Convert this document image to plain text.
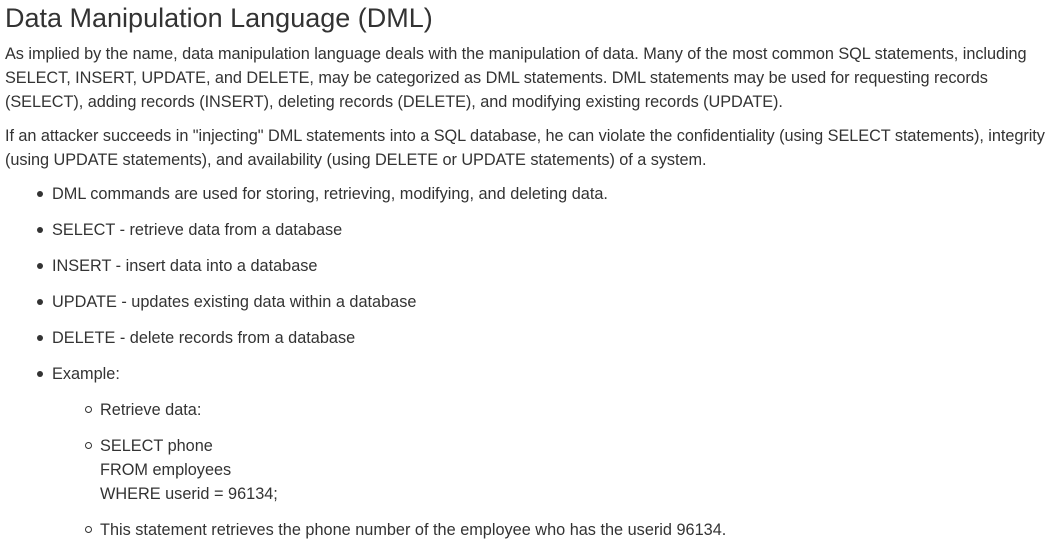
Data Manipulation Language (DML)

As implied by the name, data manipulation language deals with the manipulation of data. Many of the most common SQL statements, including SELECT, INSERT, UPDATE, and DELETE, may be categorized as DML statements. DML statements may be used for requesting records (SELECT), adding records (INSERT), deleting records (DELETE), and modifying existing records (UPDATE).

If an attacker succeeds in "injecting" DML statements into a SQL database, he can violate the confidentiality (using SELECT statements), integrity (using UPDATE statements), and availability (using DELETE or UPDATE statements) of a system.

DML commands are used for storing, retrieving, modifying, and deleting data.
SELECT - retrieve data from a database
INSERT - insert data into a database
UPDATE - updates existing data within a database
DELETE - delete records from a database
Example:
Retrieve data:
SELECT phone
FROM employees
WHERE userid = 96134;
This statement retrieves the phone number of the employee who has the userid 96134.
